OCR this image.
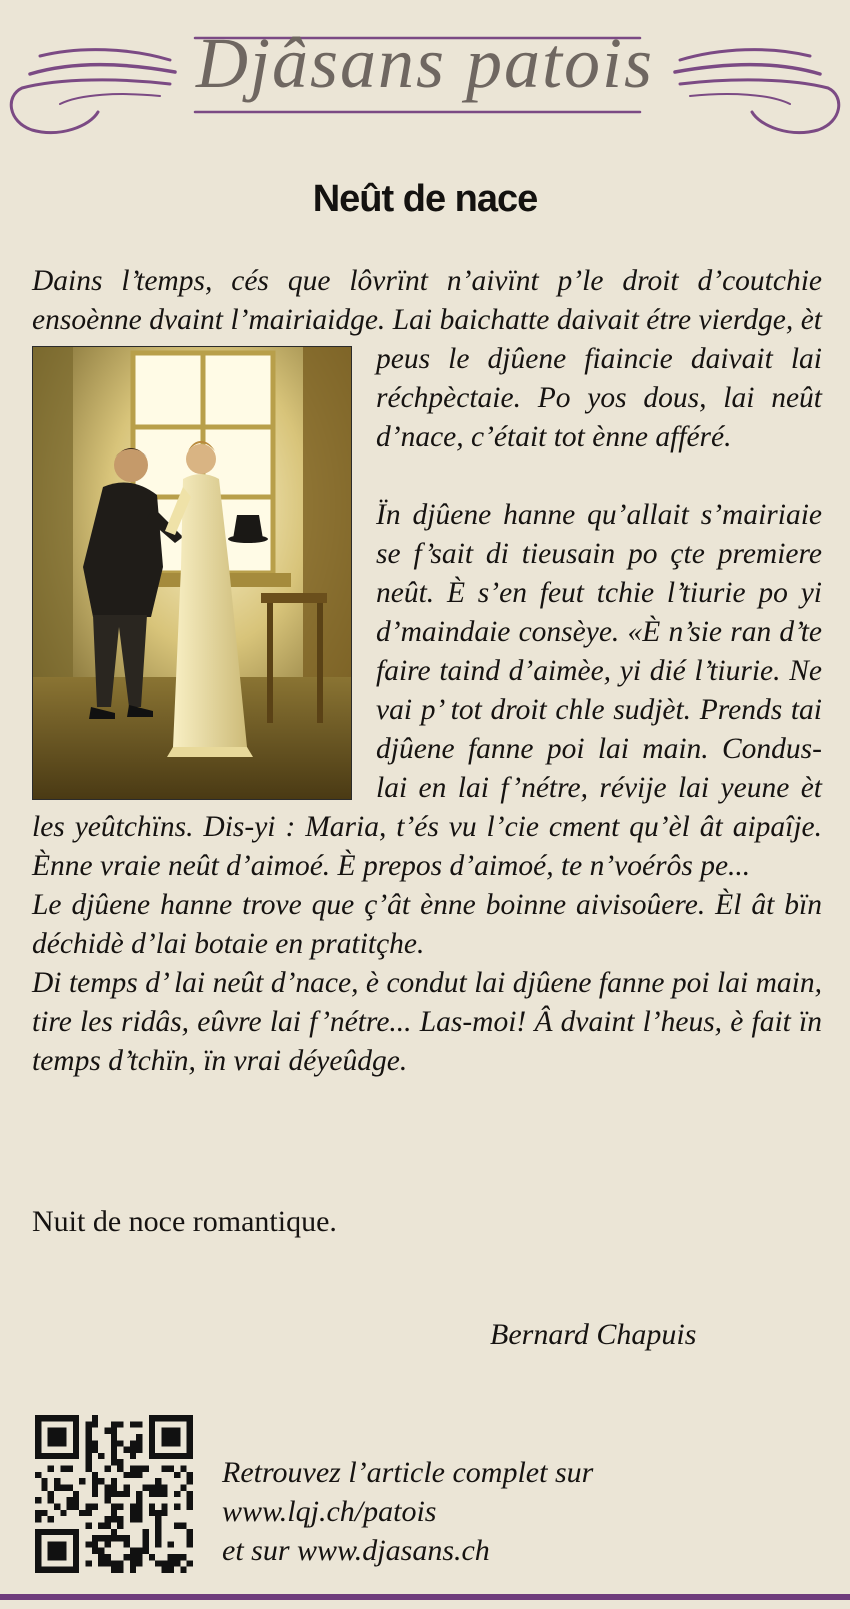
Djâsans patois
Neût de nace

Dains l’temps, cés que lôvrïnt n’aivïnt p’le droit d’coutchie ensoènne dvaint l’mairiaidge. Lai baichatte daivait
étre vierdge, èt peus le djûene fiaincie daivait lai réchpèctaie. Po yos dous, lai neût d’nace, c’était tot ènne afféré.

Ïn djûene hanne qu’allait s’mairiaie se f’sait di tieusain po çte premiere neût. È s’en feut tchie l’tiurie po yi d’maindaie consèye. «È n’sie ran d’te faire taind d’aimèe, yi dié l’tiurie. Ne vai p’ tot droit chle sudjèt. Prends tai djûene fanne poi lai main. Condus-lai en lai f’nétre, révije lai yeune èt les yeûtchïns. Dis-yi : Maria, t’és vu l’cie cment qu’èl ât aipaîje. Ènne vraie neût d’aimoé. È prepos d’aimoé, te n’voérôs pe...

Le djûene hanne trove que ç’ât ènne boinne aivisoûere. Èl ât bïn déchidè d’lai botaie en pratitçhe.

Di temps d’ lai neût d’nace, è condut lai djûene fanne poi lai main, tire les ridâs, eûvre lai f’nétre... Las-moi! Â dvaint l’heus, è fait ïn temps d’tchïn, ïn vrai déyeûdge.

Nuit de noce romantique.
Bernard Chapuis
Retrouvez l’article complet sur
www.lqj.ch/patois
et sur www.djasans.ch
